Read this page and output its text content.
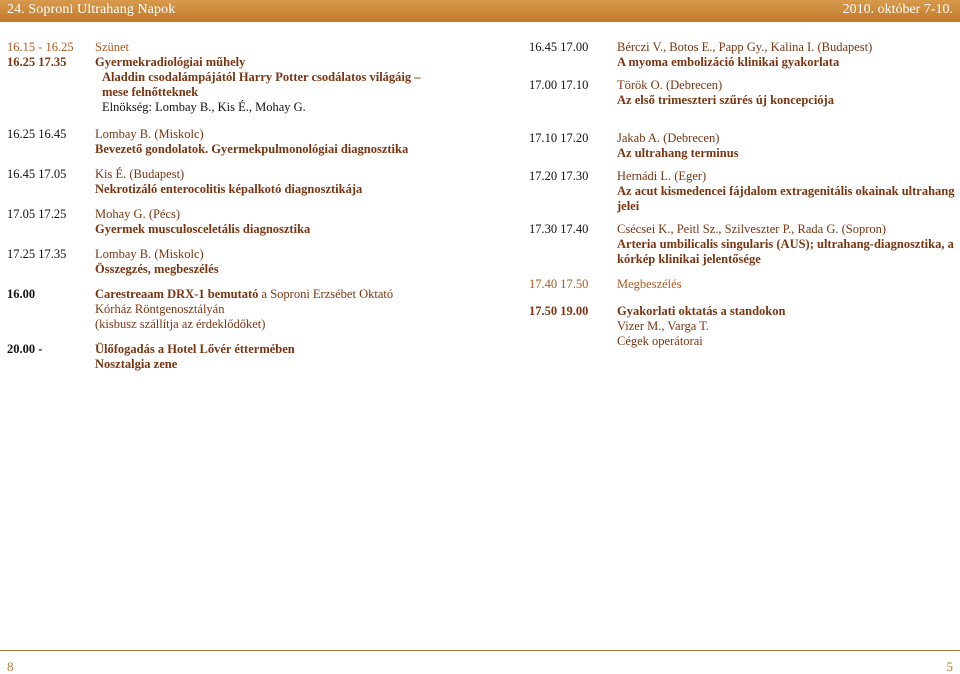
24. Soproni Ultrahang Napok	2010. október 7-10.
16.15 - 16.25	Szünet
16.25 17.35	Gyermekradiológiai műhely
Aladdin csodalámpájától Harry Potter csodálatos világáig –
mese felnőtteknek
Elnökség: Lombay B., Kis É., Mohay G.
16.25 16.45	Lombay B. (Miskolc)
Bevezető gondolatok. Gyermekpulmonológiai diagnosztika
16.45 17.05	Kis É. (Budapest)
Nekrotizáló enterocolitis képalkotó diagnosztikája
17.05 17.25	Mohay G. (Pécs)
Gyermek musculosceletális diagnosztika
17.25 17.35	Lombay B. (Miskolc)
Összegzés, megbeszélés
16.00	Carestreaam DRX-1 bemutató a Soproni Erzsébet Oktató
Kórház Röntgenosztályán
(kisbusz szállítja az érdeklődőket)
20.00 -	Ülőfogadás a Hotel Lővér éttermében
Nosztalgia zene
16.45 17.00	Bérczi V., Botos E., Papp Gy., Kalina I. (Budapest)
A myoma embolizáció klinikai gyakorlata
17.00 17.10	Török O. (Debrecen)
Az első trimeszteri szűrés új koncepciója
17.10 17.20	Jakab A. (Debrecen)
Az ultrahang terminus
17.20 17.30	Hernádi L. (Eger)
Az acut kismedencei fájdalom extragenitális okainak ultrahang
jelei
17.30 17.40	Csécsei K., Peitl Sz., Szilveszter P., Rada G. (Sopron)
Arteria umbilicalis singularis (AUS); ultrahang-diagnosztika, a
kórkép klinikai jelentősége
17.40 17.50	Megbeszélés
17.50 19.00	Gyakorlati oktatás a standokon
Vizer M., Varga T.
Cégek operátorai
8	5
